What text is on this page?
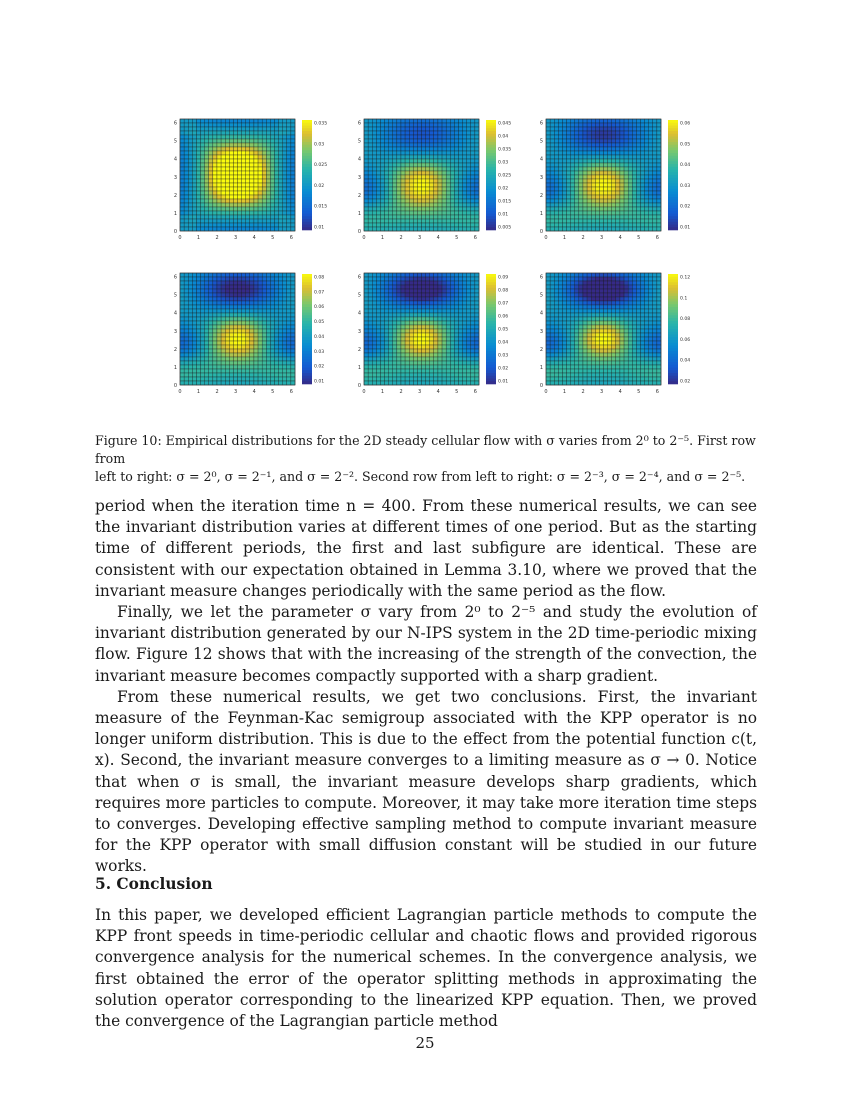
0
0
1
1
2
2
3
3
4
4
5
5
6
6	0.035
0.03
0.025
0.02
0.015
0.01
0
0
1
1
2
2
3
3
4
4
5
5
6
6	0.045
0.04
0.035
0.03
0.025
0.02
0.015
0.01
0.005
0
0
1
1
2
2
3
3
4
4
5
5
6
6	0.06
0.05
0.04
0.03
0.02
0.01
0
0
1
1
2
2
3
3
4
4
5
5
6
6	0.08
0.07
0.06
0.05
0.04
0.03
0.02
0.01
0
0
1
1
2
2
3
3
4
4
5
5
6
6	0.09
0.08
0.07
0.06
0.05
0.04
0.03
0.02
0.01
0
0
1
1
2
2
3
3
4
4
5
5
6
6	0.12
0.1
0.08
0.06
0.04
0.02

Figure 10: Empirical distributions for the 2D steady cellular flow with σ varies from 2⁰ to 2⁻⁵. First row from

left to right: σ = 2⁰, σ = 2⁻¹, and σ = 2⁻². Second row from left to right: σ = 2⁻³, σ = 2⁻⁴, and σ = 2⁻⁵.

period when the iteration time n = 400. From these numerical results, we can see the invariant distribution varies at different times of one period. But as the starting time of different periods, the first and last subfigure are identical. These are consistent with our expectation obtained in Lemma 3.10, where we proved that the invariant measure changes periodically with the same period as the flow.

Finally, we let the parameter σ vary from 2⁰ to 2⁻⁵ and study the evolution of invariant distribution generated by our N-IPS system in the 2D time-periodic mixing flow. Figure 12 shows that with the increasing of the strength of the convection, the invariant measure becomes compactly supported with a sharp gradient.

From these numerical results, we get two conclusions. First, the invariant measure of the Feynman-Kac semigroup associated with the KPP operator is no longer uniform distribution. This is due to the effect from the potential function c(t, x). Second, the invariant measure converges to a limiting measure as σ → 0. Notice that when σ is small, the invariant measure develops sharp gradients, which requires more particles to compute. Moreover, it may take more iteration time steps to converges. Developing effective sampling method to compute invariant measure for the KPP operator with small diffusion constant will be studied in our future works.

5. Conclusion

In this paper, we developed efficient Lagrangian particle methods to compute the KPP front speeds in time-periodic cellular and chaotic flows and provided rigorous convergence analysis for the numerical schemes. In the convergence analysis, we first obtained the error of the operator splitting methods in approximating the solution operator corresponding to the linearized KPP equation. Then, we proved the convergence of the Lagrangian particle method

25
